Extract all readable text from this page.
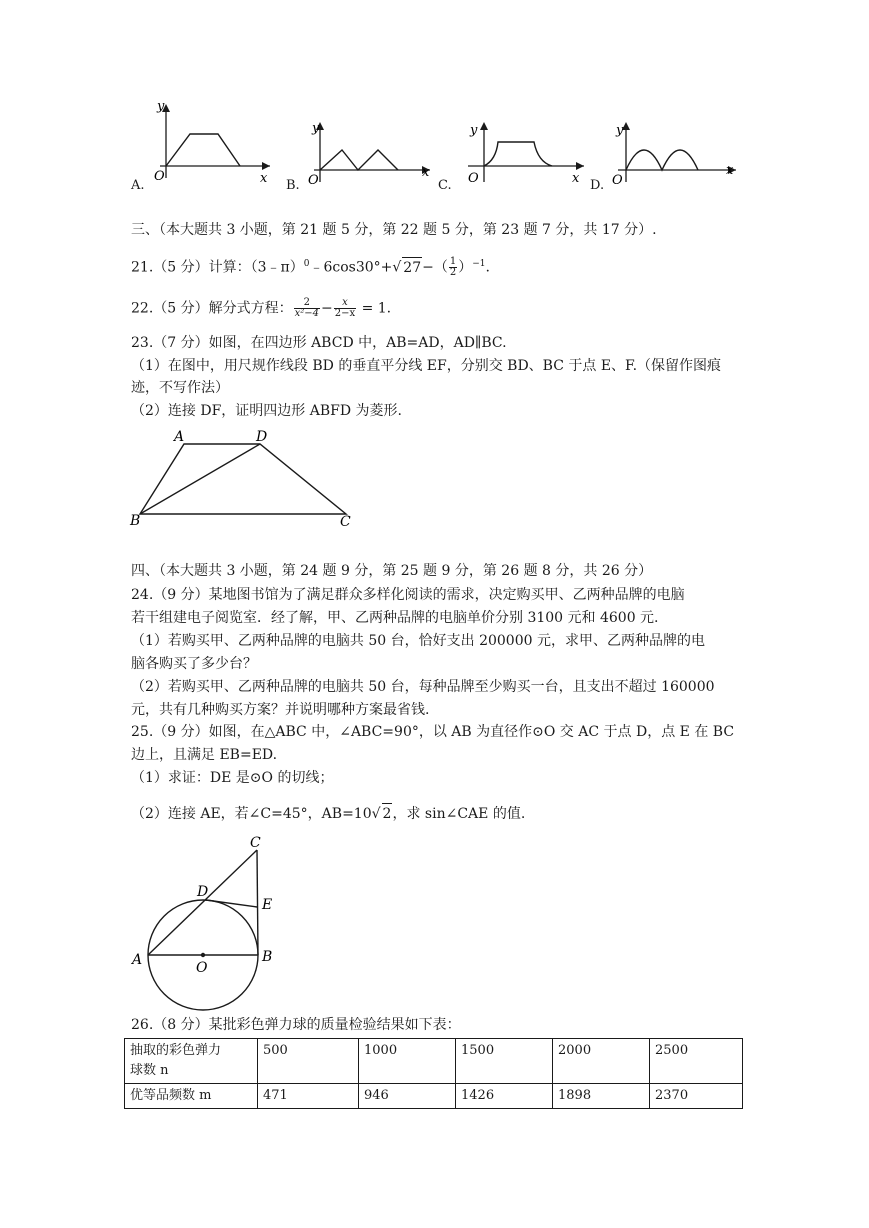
y
O	x
A.
y
O
x
B.
y
O	x
C.
y
O
x
D.
三、（本大题共 3 小题，第 21 题 5 分，第 22 题 5 分，第 23 题 7 分，共 17 分）.
21.（5 分）计算：（3﹣π）$^0$﹣6cos30°+√ $27-( \frac{1}{2} )^{-1}$.
22.（5 分）解分式方程： $\frac{2}{\text{x²−4}} - \frac{x}{2-x} = 1$.
23.（7 分）如图，在四边形 ABCD 中，AB=AD，AD∥BC.
（1）在图中，用尺规作线段 BD 的垂直平分线 EF，分别交 BD、BC 于点 E、F.（保留作图痕
迹，不写作法）
（2）连接 DF，证明四边形 ABFD 为菱形.
A	D
B	C
四、（本大题共 3 小题，第 24 题 9 分，第 25 题 9 分，第 26 题 8 分，共 26 分）
24.（9 分）某地图书馆为了满足群众多样化阅读的需求，决定购买甲、乙两种品牌的电脑
若干组建电子阅览室．经了解，甲、乙两种品牌的电脑单价分别 3100 元和 4600 元.
（1）若购买甲、乙两种品牌的电脑共 50 台，恰好支出 200000 元，求甲、乙两种品牌的电
脑各购买了多少台？
（2）若购买甲、乙两种品牌的电脑共 50 台，每种品牌至少购买一台，且支出不超过 160000
元，共有几种购买方案？并说明哪种方案最省钱.
25.（9 分）如图，在△ABC 中，∠ABC=90°，以 AB 为直径作⊙O 交 AC 于点 D，点 E 在 BC
边上，且满足 EB=ED.
（1）求证：DE 是⊙O 的切线；
（2）连接 AE，若∠C=45°，AB=10√ 2，求 sin∠CAE 的值.
C
D
E
A	B
O
26.（8 分）某批彩色弹力球的质量检验结果如下表：
抽取的彩色弹力
球数 n	500	1000	1500	2000	2500
优等品频数 m	471	946	1426	1898	2370
